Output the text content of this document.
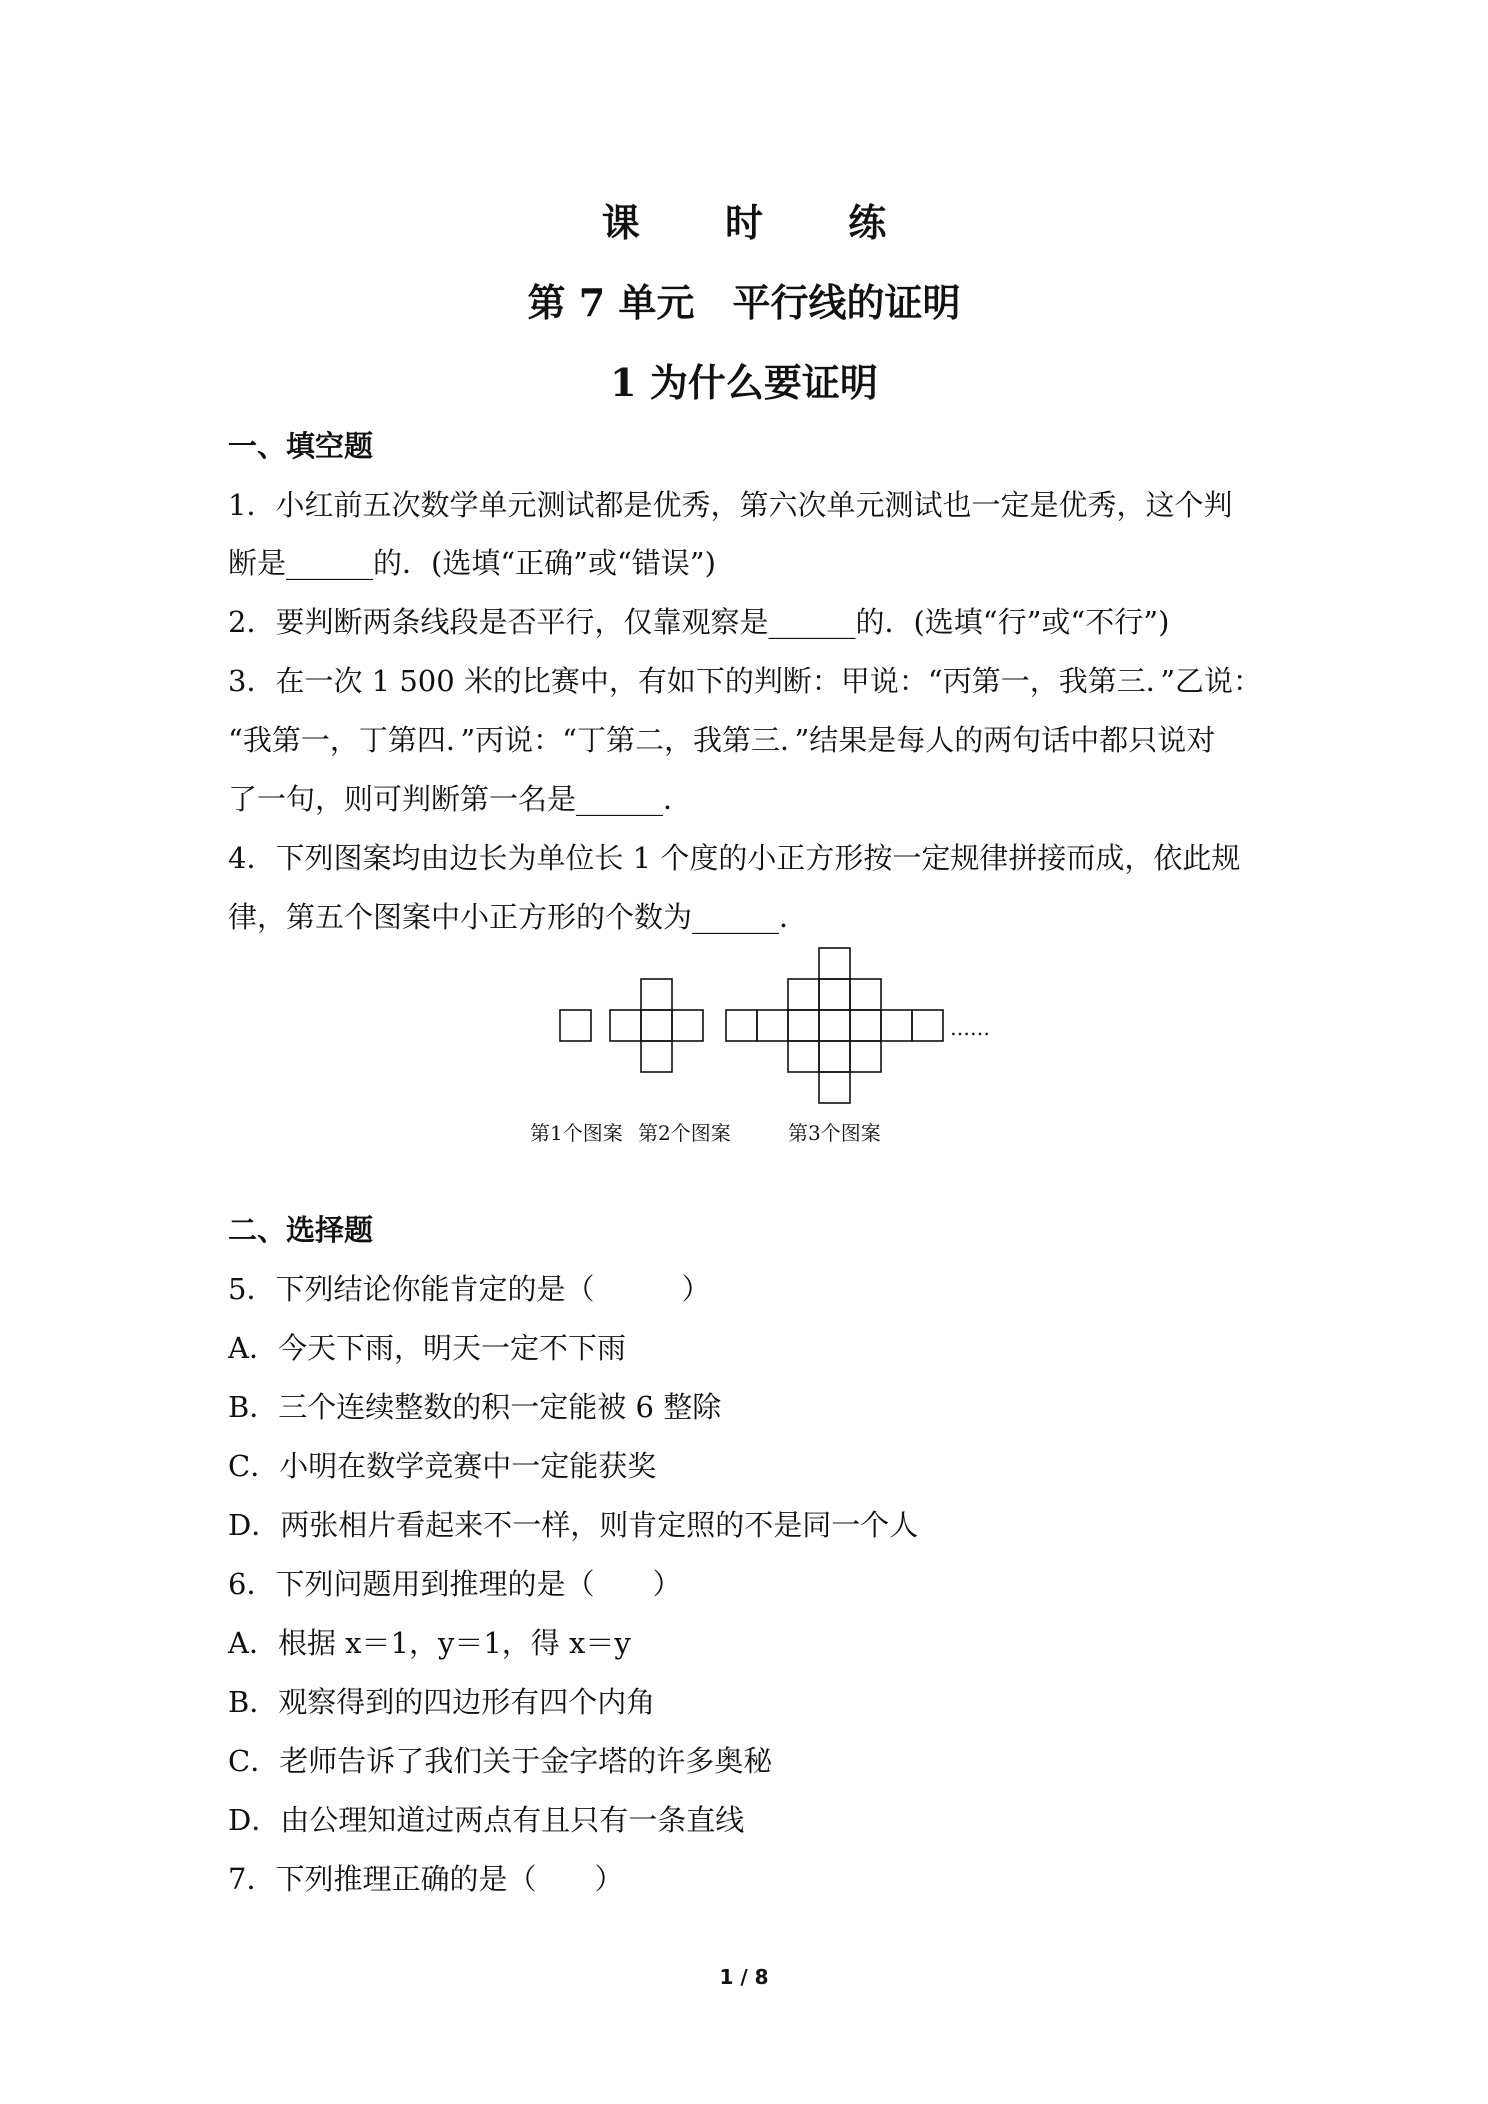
课 时 练
第 7 单元　平行线的证明
1 为什么要证明
一、填空题
1．小红前五次数学单元测试都是优秀，第六次单元测试也一定是优秀，这个判
断是______的．(选填“正确”或“错误”)
2．要判断两条线段是否平行，仅靠观察是______的．(选填“行”或“不行”)
3．在一次 1 500 米的比赛中，有如下的判断：甲说：“丙第一，我第三．”乙说：
“我第一，丁第四．”丙说：“丁第二，我第三．”结果是每人的两句话中都只说对
了一句，则可判断第一名是______．
4．下列图案均由边长为单位长 1 个度的小正方形按一定规律拼接而成，依此规
律，第五个图案中小正方形的个数为______．
……
第1个图案 第2个图案	第3个图案
二、选择题
5．下列结论你能肯定的是（　　　）
A．今天下雨，明天一定不下雨
B．三个连续整数的积一定能被 6 整除
C．小明在数学竞赛中一定能获奖
D．两张相片看起来不一样，则肯定照的不是同一个人
6．下列问题用到推理的是（　　）
A．根据 x＝1，y＝1，得 x＝y
B．观察得到的四边形有四个内角
C．老师告诉了我们关于金字塔的许多奥秘
D．由公理知道过两点有且只有一条直线
7．下列推理正确的是（　　）
1 / 8
